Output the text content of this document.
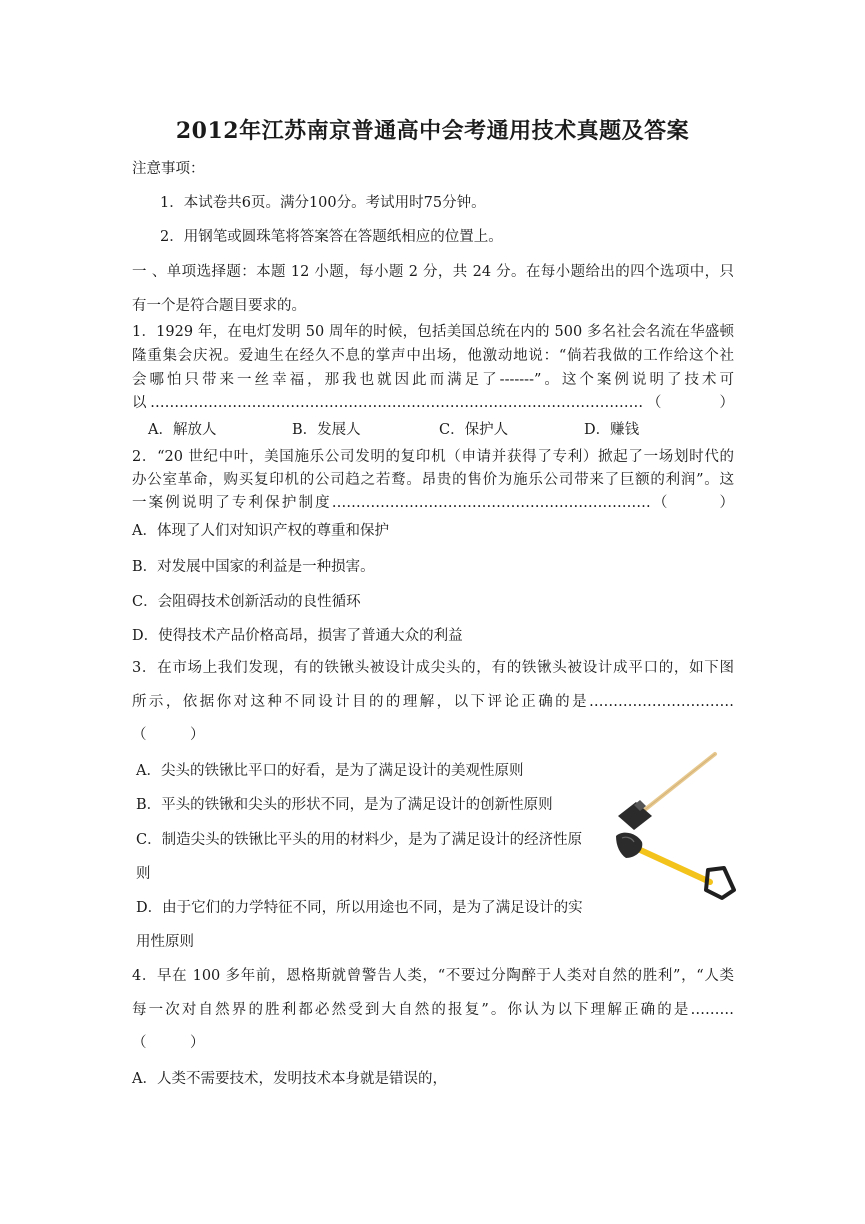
2012年江苏南京普通高中会考通用技术真题及答案
注意事项：
1．本试卷共6页。满分100分。考试用时75分钟。
2．用钢笔或圆珠笔将答案答在答题纸相应的位置上。
一 、单项选择题：本题 12 小题，每小题 2 分，共 24 分。在每小题给出的四个选项中，只
有一个是符合题目要求的。
1．1929 年，在电灯发明 50 周年的时候，包括美国总统在内的 500 多名社会名流在华盛顿
隆重集会庆祝。爱迪生在经久不息的掌声中出场，他激动地说：“倘若我做的工作给这个社
会哪怕只带来一丝幸福，那我也就因此而满足了-------”。这个案例说明了技术可
以…………………………………………………………………………………………（　　　）
A．解放人	B．发展人	C．保护人	D．赚钱
2．“20 世纪中叶，美国施乐公司发明的复印机（申请并获得了专利）掀起了一场划时代的
办公室革命，购买复印机的公司趋之若鹜。昂贵的售价为施乐公司带来了巨额的利润”。这
一案例说明了专利保护制度…………………………………………………………（　　　）
A．体现了人们对知识产权的尊重和保护
B．对发展中国家的利益是一种损害。
C．会阻碍技术创新活动的良性循环
D．使得技术产品价格高昂，损害了普通大众的利益
3．在市场上我们发现，有的铁锹头被设计成尖头的，有的铁锹头被设计成平口的，如下图
所示，依据你对这种不同设计目的的理解，以下评论正确的是…………………………
（　　　）
A．尖头的铁锹比平口的好看，是为了满足设计的美观性原则
B．平头的铁锹和尖头的形状不同，是为了满足设计的创新性原则
C．制造尖头的铁锹比平头的用的材料少，是为了满足设计的经济性原
则
D．由于它们的力学特征不同，所以用途也不同，是为了满足设计的实
用性原则
4．早在 100 多年前，恩格斯就曾警告人类，“不要过分陶醉于人类对自然的胜利”，“人类
每一次对自然界的胜利都必然受到大自然的报复”。你认为以下理解正确的是………
（　　　）
A．人类不需要技术，发明技术本身就是错误的，
